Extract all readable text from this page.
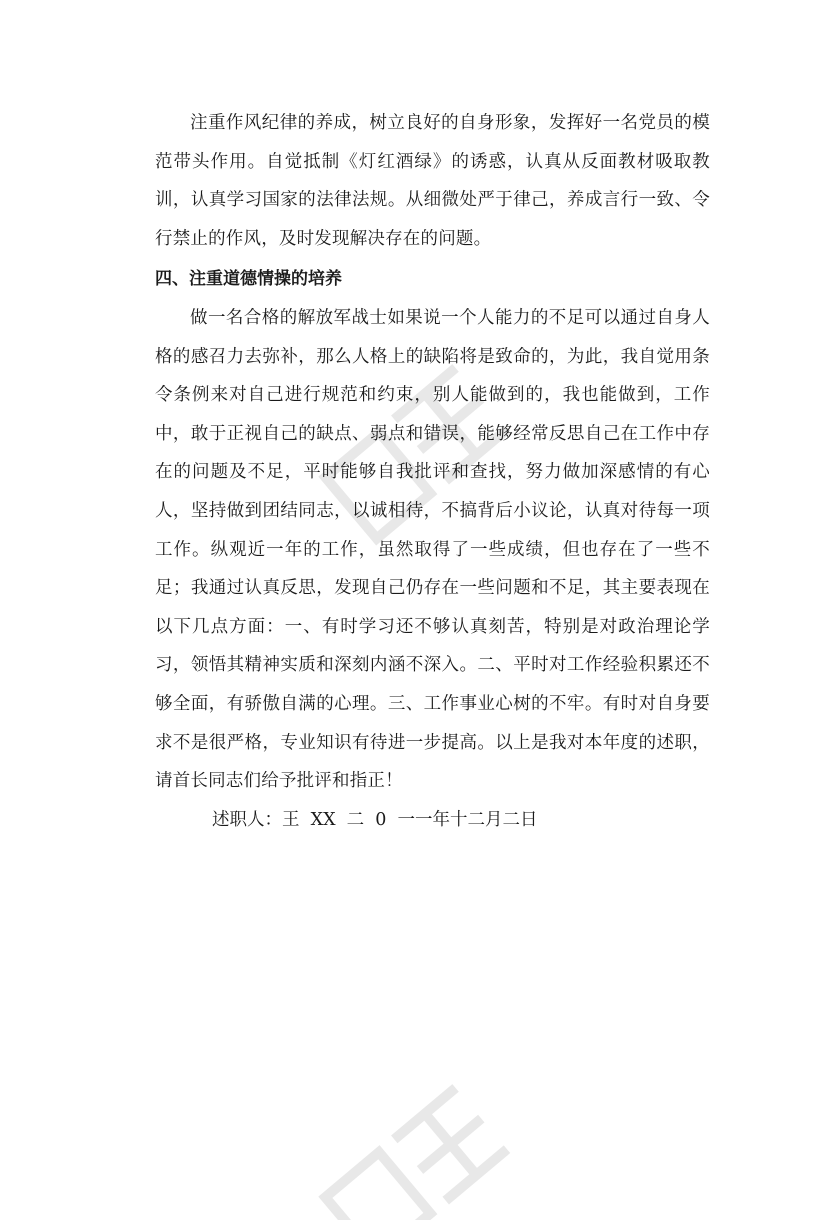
注重作风纪律的养成，树立良好的自身形象，发挥好一名党员的模范带头作用。自觉抵制《灯红酒绿》的诱惑，认真从反面教材吸取教训，认真学习国家的法律法规。从细微处严于律己，养成言行一致、令行禁止的作风，及时发现解决存在的问题。

四、注重道德情操的培养

做一名合格的解放军战士如果说一个人能力的不足可以通过自身人格的感召力去弥补，那么人格上的缺陷将是致命的，为此，我自觉用条令条例来对自己进行规范和约束，别人能做到的，我也能做到，工作中，敢于正视自己的缺点、弱点和错误，能够经常反思自己在工作中存在的问题及不足，平时能够自我批评和查找，努力做加深感情的有心人，坚持做到团结同志，以诚相待，不搞背后小议论，认真对待每一项工作。纵观近一年的工作，虽然取得了一些成绩，但也存在了一些不足；我通过认真反思，发现自己仍存在一些问题和不足，其主要表现在以下几点方面：一、有时学习还不够认真刻苦，特别是对政治理论学习，领悟其精神实质和深刻内涵不深入。二、平时对工作经验积累还不够全面，有骄傲自满的心理。三、工作事业心树的不牢。有时对自身要求不是很严格，专业知识有待进一步提高。以上是我对本年度的述职，请首长同志们给予批评和指正！

述职人：王  XX  二  0  一一年十二月二日
